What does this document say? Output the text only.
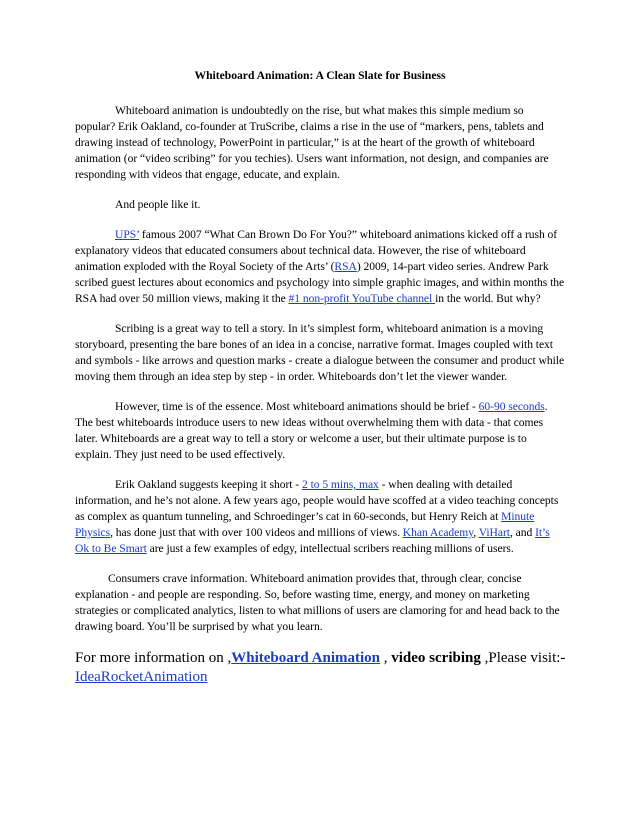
Whiteboard Animation: A Clean Slate for Business

Whiteboard animation is undoubtedly on the rise, but what makes this simple medium so popular? Erik Oakland, co-founder at TruScribe, claims a rise in the use of “markers, pens, tablets and drawing instead of technology, PowerPoint in particular,” is at the heart of the growth of whiteboard animation (or “video scribing” for you techies). Users want information, not design, and companies are responding with videos that engage, educate, and explain.

And people like it.

UPS’ famous 2007 “What Can Brown Do For You?” whiteboard animations kicked off a rush of explanatory videos that educated consumers about technical data. However, the rise of whiteboard animation exploded with the Royal Society of the Arts’ (RSA) 2009, 14-part video series. Andrew Park scribed guest lectures about economics and psychology into simple graphic images, and within months the RSA had over 50 million views, making it the #1 non-profit YouTube channel in the world. But why?

Scribing is a great way to tell a story. In it’s simplest form, whiteboard animation is a moving storyboard, presenting the bare bones of an idea in a concise, narrative format. Images coupled with text and symbols - like arrows and question marks - create a dialogue between the consumer and product while moving them through an idea step by step - in order. Whiteboards don’t let the viewer wander.

However, time is of the essence. Most whiteboard animations should be brief - 60-90 seconds. The best whiteboards introduce users to new ideas without overwhelming them with data - that comes later. Whiteboards are a great way to tell a story or welcome a user, but their ultimate purpose is to explain. They just need to be used effectively.

Erik Oakland suggests keeping it short - 2 to 5 mins, max - when dealing with detailed information, and he’s not alone. A few years ago, people would have scoffed at a video teaching concepts as complex as quantum tunneling, and Schroedinger’s cat in 60-seconds, but Henry Reich at Minute Physics, has done just that with over 100 videos and millions of views. Khan Academy, ViHart, and It’s Ok to Be Smart are just a few examples of edgy, intellectual scribers reaching millions of users.

Consumers crave information. Whiteboard animation provides that, through clear, concise explanation - and people are responding. So, before wasting time, energy, and money on marketing strategies or complicated analytics, listen to what millions of users are clamoring for and head back to the drawing board. You’ll be surprised by what you learn.

For more information on ,Whiteboard Animation , video scribing ,Please visit:-
IdeaRocketAnimation
